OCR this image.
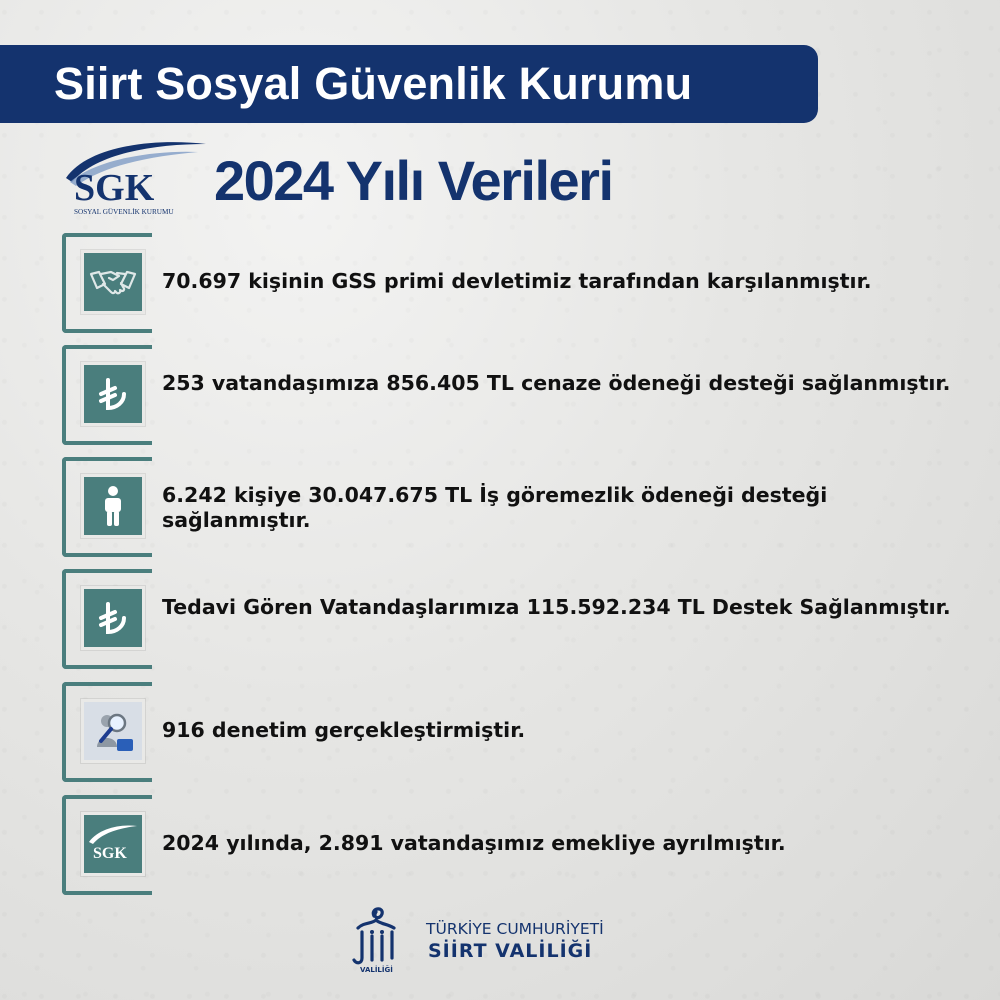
Siirt Sosyal Güvenlik Kurumu
SGK
SOSYAL GÜVENLİK KURUMU 2024 Yılı Verileri
70.697 kişinin GSS primi devletimiz tarafından karşılanmıştır.
253 vatandaşımıza 856.405 TL cenaze ödeneği desteği sağlanmıştır.
6.242 kişiye 30.047.675 TL İş göremezlik ödeneği desteği sağlanmıştır.
Tedavi Gören Vatandaşlarımıza 115.592.234 TL Destek Sağlanmıştır.
916 denetim gerçekleştirmiştir.
SGK 2024 yılında, 2.891 vatandaşımız emekliye ayrılmıştır.
VALİLİĞİ
TÜRKİYE CUMHURİYETİ
SİİRT VALİLİĞİ
